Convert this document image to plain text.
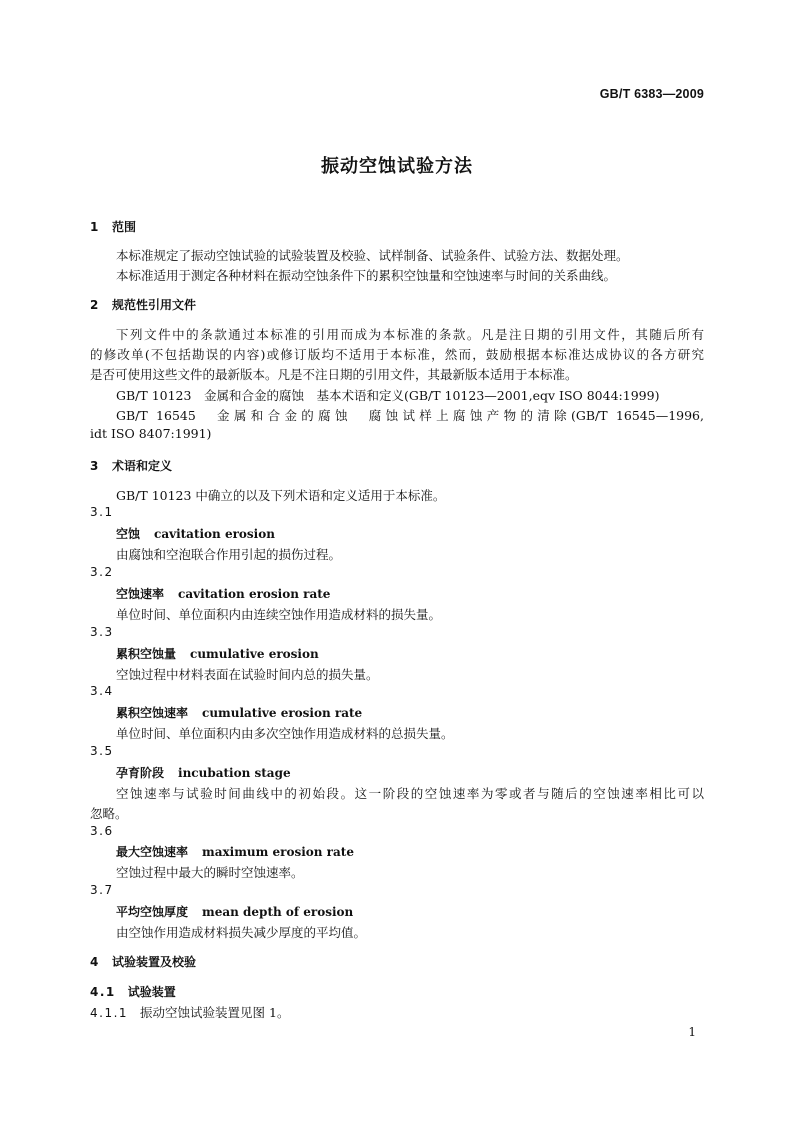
GB/T 6383—2009
振动空蚀试验方法
1 范围
本标准规定了振动空蚀试验的试验装置及校验、试样制备、试验条件、试验方法、数据处理。
本标准适用于测定各种材料在振动空蚀条件下的累积空蚀量和空蚀速率与时间的关系曲线。
2 规范性引用文件
下列文件中的条款通过本标准的引用而成为本标准的条款。凡是注日期的引用文件，其随后所有
的修改单(不包括勘误的内容)或修订版均不适用于本标准，然而，鼓励根据本标准达成协议的各方研究
是否可使用这些文件的最新版本。凡是不注日期的引用文件，其最新版本适用于本标准。
GB/T 10123　金属和合金的腐蚀　基本术语和定义(GB/T 10123—2001,eqv ISO 8044:1999)
GB/T 16545　金属和合金的腐蚀　腐蚀试样上腐蚀产物的清除(GB/T 16545—1996,
idt ISO 8407:1991)
3 术语和定义
GB/T 10123 中确立的以及下列术语和定义适用于本标准。
3.1
空蚀 cavitation erosion
由腐蚀和空泡联合作用引起的损伤过程。
3.2
空蚀速率 cavitation erosion rate
单位时间、单位面积内由连续空蚀作用造成材料的损失量。
3.3
累积空蚀量 cumulative erosion
空蚀过程中材料表面在试验时间内总的损失量。
3.4
累积空蚀速率 cumulative erosion rate
单位时间、单位面积内由多次空蚀作用造成材料的总损失量。
3.5
孕育阶段 incubation stage
空蚀速率与试验时间曲线中的初始段。这一阶段的空蚀速率为零或者与随后的空蚀速率相比可以
忽略。
3.6
最大空蚀速率 maximum erosion rate
空蚀过程中最大的瞬时空蚀速率。
3.7
平均空蚀厚度 mean depth of erosion
由空蚀作用造成材料损失减少厚度的平均值。
4 试验装置及校验
4.1 试验装置
4.1.1 振动空蚀试验装置见图 1。
1
